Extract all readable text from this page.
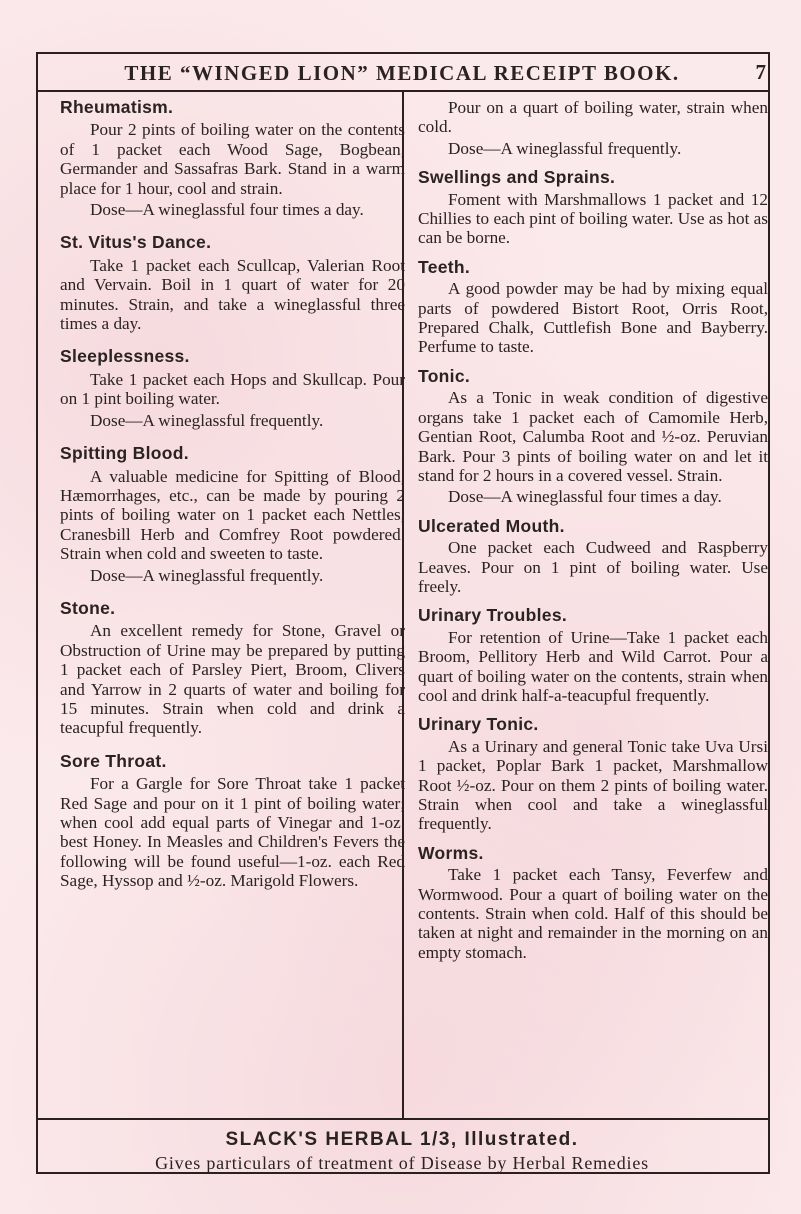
THE “WINGED LION” MEDICAL RECEIPT BOOK.	7
Rheumatism.

Pour 2 pints of boiling water on the contents of 1 packet each Wood Sage, Bogbean, Germander and Sassafras Bark. Stand in a warm place for 1 hour, cool and strain.

Dose—A wineglassful four times a day.

St. Vitus's Dance.

Take 1 packet each Scullcap, Valerian Root and Vervain. Boil in 1 quart of water for 20 minutes. Strain, and take a wineglassful three times a day.

Sleeplessness.

Take 1 packet each Hops and Skullcap. Pour on 1 pint boiling water.

Dose—A wineglassful frequently.

Spitting Blood.

A valuable medicine for Spitting of Blood, Hæmorrhages, etc., can be made by pouring 2 pints of boiling water on 1 packet each Nettles, Cranesbill Herb and Comfrey Root powdered. Strain when cold and sweeten to taste.

Dose—A wineglassful frequently.

Stone.

An excellent remedy for Stone, Gravel or Obstruction of Urine may be prepared by putting 1 packet each of Parsley Piert, Broom, Clivers and Yarrow in 2 quarts of water and boiling for 15 minutes. Strain when cold and drink a teacupful frequently.

Sore Throat.

For a Gargle for Sore Throat take 1 packet Red Sage and pour on it 1 pint of boiling water; when cool add equal parts of Vinegar and 1-oz. best Honey. In Measles and Children's Fevers the following will be found useful—1-oz. each Red Sage, Hyssop and ½-oz. Marigold Flowers.

Pour on a quart of boiling water, strain when cold.

Dose—A wineglassful frequently.

Swellings and Sprains.

Foment with Marshmallows 1 packet and 12 Chillies to each pint of boiling water. Use as hot as can be borne.

Teeth.

A good powder may be had by mixing equal parts of powdered Bistort Root, Orris Root, Prepared Chalk, Cuttlefish Bone and Bayberry. Perfume to taste.

Tonic.

As a Tonic in weak condition of digestive organs take 1 packet each of Camomile Herb, Gentian Root, Calumba Root and ½-oz. Peruvian Bark. Pour 3 pints of boiling water on and let it stand for 2 hours in a covered vessel. Strain.

Dose—A wineglassful four times a day.

Ulcerated Mouth.

One packet each Cudweed and Raspberry Leaves. Pour on 1 pint of boiling water. Use freely.

Urinary Troubles.

For retention of Urine—Take 1 packet each Broom, Pellitory Herb and Wild Carrot. Pour a quart of boiling water on the contents, strain when cool and drink half-a-teacupful frequently.

Urinary Tonic.

As a Urinary and general Tonic take Uva Ursi 1 packet, Poplar Bark 1 packet, Marshmallow Root ½-oz. Pour on them 2 pints of boiling water. Strain when cool and take a wineglassful frequently.

Worms.

Take 1 packet each Tansy, Feverfew and Wormwood. Pour a quart of boiling water on the contents. Strain when cold. Half of this should be taken at night and remainder in the morning on an empty stomach.

SLACK'S HERBAL 1/3, Illustrated.
Gives particulars of treatment of Disease by Herbal Remedies
